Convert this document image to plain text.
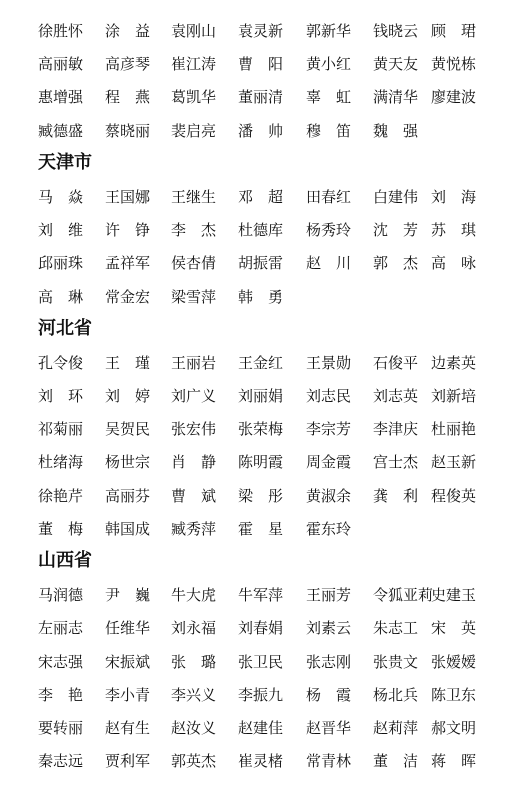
徐胜怀 涂　益 袁刚山 袁灵新 郭新华 钱晓云 顾　珺
高丽敏 高彦琴 崔江涛 曹　阳 黄小红 黄天友 黄悦栋
惠增强 程　燕 葛凯华 董丽清 辜　虹 满清华 廖建波
臧德盛 蔡晓丽 裴启亮 潘　帅 穆　笛 魏　强
天津市
马　焱 王国娜 王继生 邓　超 田春红 白建伟 刘　海
刘　维 许　铮 李　杰 杜德库 杨秀玲 沈　芳 苏　琪
邱丽珠 孟祥军 侯杏倩 胡振雷 赵　川 郭　杰 高　咏
高　琳 常金宏 梁雪萍 韩　勇
河北省
孔令俊 王　瑾 王丽岩 王金红 王景勋 石俊平 边素英
刘　环 刘　婷 刘广义 刘丽娟 刘志民 刘志英 刘新培
祁菊丽 吴贺民 张宏伟 张荣梅 李宗芳 李津庆 杜丽艳
杜绪海 杨世宗 肖　静 陈明霞 周金霞 宫士杰 赵玉新
徐艳芹 高丽芬 曹　斌 梁　彤 黄淑余 龚　利 程俊英
董　梅 韩国成 臧秀萍 霍　星 霍东玲
山西省
马润德 尹　巍 牛大虎 牛军萍 王丽芳 令狐亚莉
史建玉
左丽志 任维华 刘永福 刘春娟 刘素云 朱志工 宋　英
宋志强 宋振斌 张　璐 张卫民 张志刚 张贵文 张嫒嫒
李　艳 李小青 李兴义 李振九 杨　霞 杨北兵 陈卫东
要转丽 赵有生 赵汝义 赵建佳 赵晋华 赵莉萍 郝文明
秦志远 贾利军 郭英杰 崔灵楮 常青林 董　洁 蒋　晖
